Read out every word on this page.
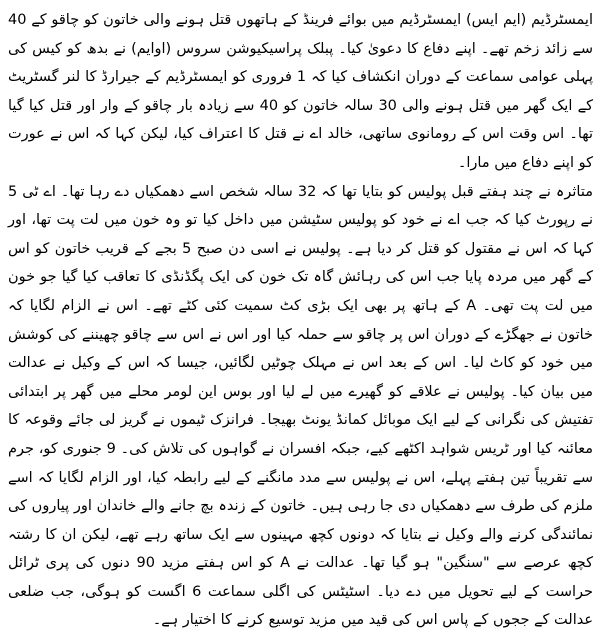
ایمسٹرڈیم (ایم ایس) ایمسٹرڈیم میں بوائے فرینڈ کے ہاتھوں قتل ہونے والی خاتون کو چاقو کے 40 سے زائد زخم تھے۔ اپنے دفاع کا دعویٰ کیا۔ پبلک پراسیکیوشن سروس (اوایم) نے بدھ کو کیس کی پہلی عوامی سماعت کے دوران انکشاف کیا کہ 1 فروری کو ایمسٹرڈیم کے جیرارڈ کا لنر گسٹریٹ کے ایک گھر میں قتل ہونے والی 30 سالہ خاتون کو 40 سے زیادہ بار چاقو کے وار اور قتل کیا گیا تھا۔ اس وقت اس کے رومانوی ساتھی، خالد اے نے قتل کا اعتراف کیا، لیکن کہا کہ اس نے عورت کو اپنے دفاع میں مارا۔

متاثرہ نے چند ہفتے قبل پولیس کو بتایا تھا کہ 32 سالہ شخص اسے دھمکیاں دے رہا تھا۔ اے ٹی 5 نے رپورٹ کیا کہ جب اے نے خود کو پولیس سٹیشن میں داخل کیا تو وہ خون میں لت پت تھا، اور کہا کہ اس نے مقتول کو قتل کر دیا ہے۔ پولیس نے اسی دن صبح 5 بجے کے قریب خاتون کو اس کے گھر میں مردہ پایا جب اس کی رہائش گاہ تک خون کی ایک پگڈنڈی کا تعاقب کیا گیا جو خون میں لت پت تھی۔ A کے ہاتھ پر بھی ایک بڑی کٹ سمیت کئی کٹے تھے۔ اس نے الزام لگایا کہ خاتون نے جھگڑے کے دوران اس پر چاقو سے حملہ کیا اور اس نے اس سے چاقو چھیننے کی کوشش میں خود کو کاٹ لیا۔ اس کے بعد اس نے مہلک چوٹیں لگائیں، جیسا کہ اس کے وکیل نے عدالت میں بیان کیا۔ پولیس نے علاقے کو گھیرے میں لے لیا اور بوس این لومر محلے میں گھر پر ابتدائی تفتیش کی نگرانی کے لیے ایک موبائل کمانڈ یونٹ بھیجا۔ فرانزک ٹیموں نے گریز لی جائے وقوعہ کا معائنہ کیا اور ٹریس شواہد اکٹھے کیے، جبکہ افسران نے گواہوں کی تلاش کی۔ 9 جنوری کو، جرم سے تقریباً تین ہفتے پہلے، اس نے پولیس سے مدد مانگنے کے لیے رابطہ کیا، اور الزام لگایا کہ اسے ملزم کی طرف سے دھمکیاں دی جا رہی ہیں۔ خاتون کے زندہ بچ جانے والے خاندان اور پیاروں کی نمائندگی کرنے والے وکیل نے بتایا کہ دونوں کچھ مہینوں سے ایک ساتھ رہے تھے، لیکن ان کا رشتہ کچھ عرصے سے "سنگین" ہو گیا تھا۔ عدالت نے A کو اس ہفتے مزید 90 دنوں کی پری ٹرائل حراست کے لیے تحویل میں دے دیا۔ اسٹیٹس کی اگلی سماعت 6 اگست کو ہوگی، جب ضلعی عدالت کے ججوں کے پاس اس کی قید میں مزید توسیع کرنے کا اختیار ہے۔
